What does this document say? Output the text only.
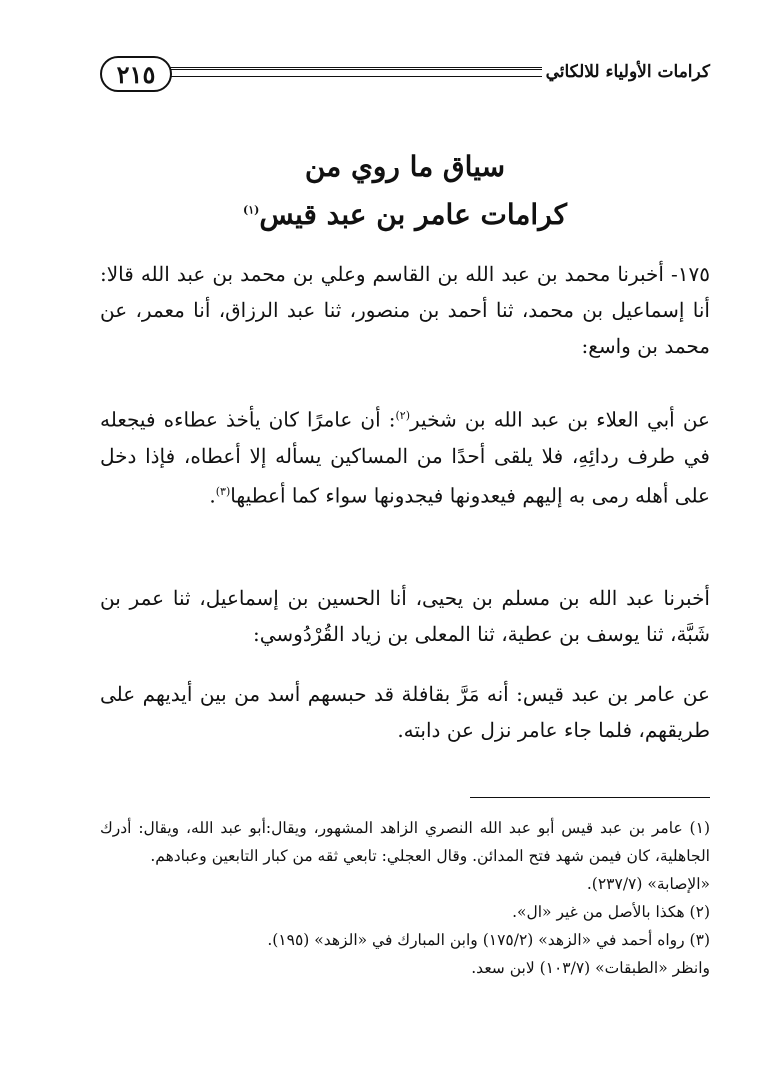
٢١٥	كرامات الأولياء للالكائي
سياق ما روي من
كرامات عامر بن عبد قيس$^{(١)}$
١٧٥- أخبرنا محمد بن عبد الله بن القاسم وعلي بن محمد بن عبد الله قالا: أنا إسماعيل بن محمد، ثنا أحمد بن منصور، ثنا عبد الرزاق، أنا معمر، عن محمد بن واسع:
عن أبي العلاء بن عبد الله بن شخير$^{(٢)}$: أن عامرًا كان يأخذ عطاءه فيجعله في طرف ردائِهِ، فلا يلقى أحدًا من المساكين يسأله إلا أعطاه، فإذا دخل على أهله رمى به إليهم فيعدونها فيجدونها سواء كما أعطيها$^{(٣)}$.
أخبرنا عبد الله بن مسلم بن يحيى، أنا الحسين بن إسماعيل، ثنا عمر بن شَبَّة، ثنا يوسف بن عطية، ثنا المعلى بن زياد القُرْدُوسي:
عن عامر بن عبد قيس: أنه مَرَّ بقافلة قد حبسهم أسد من بين أيديهم على طريقهم، فلما جاء عامر نزل عن دابته.
(١) عامر بن عبد قيس أبو عبد الله النصري الزاهد المشهور، ويقال:أبو عبد الله، ويقال: أدرك الجاهلية، كان فيمن شهد فتح المدائن. وقال العجلي: تابعي ثقه من كبار التابعين وعبادهم.
«الإصابة» (٢٣٧/٧).
(٢) هكذا بالأصل من غير «ال».
(٣) رواه أحمد في «الزهد» (١٧٥/٢) وابن المبارك في «الزهد» (١٩٥).
وانظر «الطبقات» (١٠٣/٧) لابن سعد.
